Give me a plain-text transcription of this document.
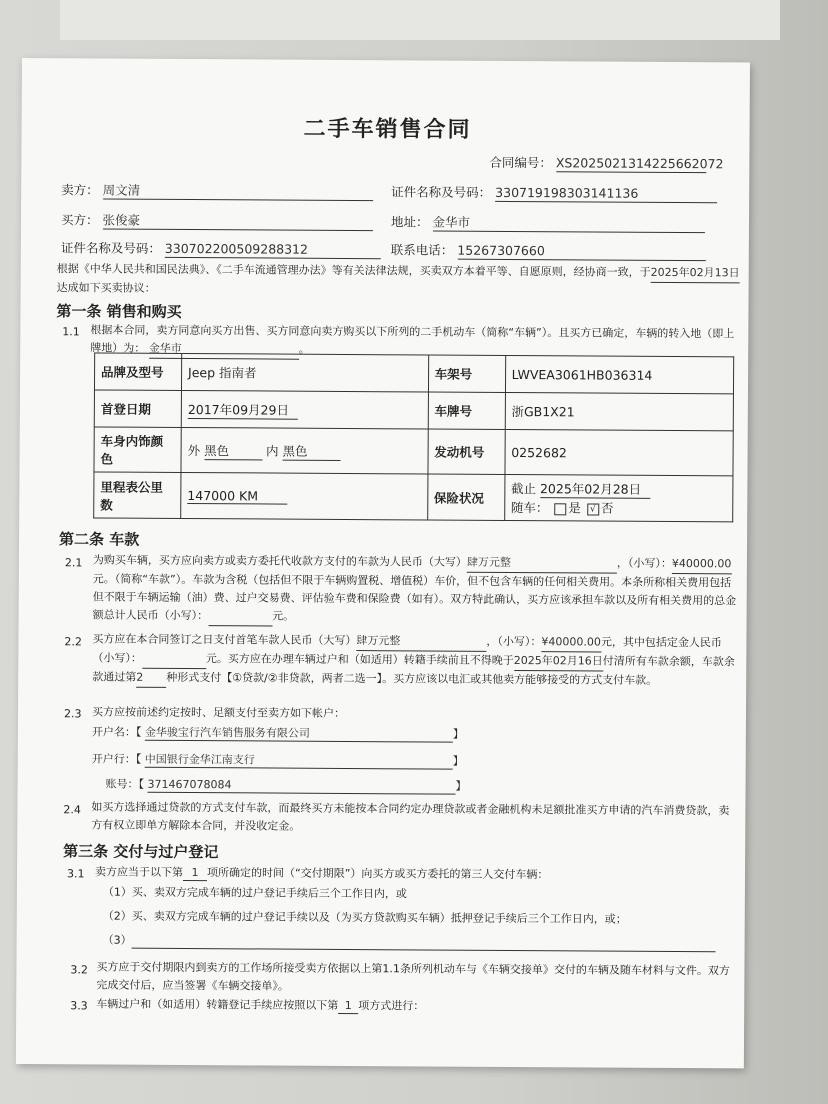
二手车销售合同
合同编号： XS2025021314225662072
卖方： 周文清	证件名称及号码： 330719198303141136
买方： 张俊豪	地址： 金华市
证件名称及号码： 330702200509288312	联系电话： 15267307660
根据《中华人民共和国民法典》、《二手车流通管理办法》等有关法律法规，买卖双方本着平等、自愿原则，经协商一致，于2025年02月13日达成如下买卖协议：
第一条 销售和购买
1.1 根据本合同，卖方同意向买方出售、买方同意向卖方购买以下所列的二手机动车（简称“车辆”）。且买方已确定，车辆的转入地（即上牌地）为： 金华市	。
品牌及型号	Jeep 指南者	车架号	LWVEA3061HB036314
首登日期	2017年09月29日	车牌号	浙GB1X21
车身内饰颜色	外 黑色 内 黑色	发动机号	0252682
里程表公里数	147000 KM	保险状况	截止 2025年02月28日
随车： 是 √ 否
第二条 车款
2.1 为购买车辆，买方应向卖方或卖方委托代收款方支付的车款为人民币（大写）肆万元整	，（小写）：¥40000.00元。（简称“车款”）。车款为含税（包括但不限于车辆购置税、增值税）车价，但不包含车辆的任何相关费用。本条所称相关费用包括但不限于车辆运输（油）费、过户交易费、评估验车费和保险费（如有）。双方特此确认，买方应该承担车款以及所有相关费用的总金额总计人民币（小写）：	元。
2.2 买方应在本合同签订之日支付首笔车款人民币（大写）肆万元整	，（小写）：¥40000.00元，其中包括定金人民币（小写）：	元。买方应在办理车辆过户和（如适用）转籍手续前且不得晚于2025年02月16日付清所有车款余额，车款余款通过第2 种形式支付【①贷款/②非贷款，两者二选一】。买方应该以电汇或其他卖方能够接受的方式支付车款。
2.3 买方应按前述约定按时、足额支付至卖方如下帐户：
开户名：【 金华骏宝行汽车销售服务有限公司	】
开户行：【 中国银行金华江南支行	】
账号：【 371467078084	】
2.4 如买方选择通过贷款的方式支付车款，而最终买方未能按本合同约定办理贷款或者金融机构未足额批准买方申请的汽车消费贷款，卖方有权立即单方解除本合同，并没收定金。
第三条 交付与过户登记
3.1 卖方应当于以下第 1 项所确定的时间（“交付期限”）向买方或买方委托的第三人交付车辆：
（1）买、卖双方完成车辆的过户登记手续后三个工作日内，或
（2）买、卖双方完成车辆的过户登记手续以及（为买方贷款购买车辆）抵押登记手续后三个工作日内，或；
（3）
3.2 买方应于交付期限内到卖方的工作场所接受卖方依据以上第1.1条所列机动车与《车辆交接单》交付的车辆及随车材料与文件。双方完成交付后，应当签署《车辆交接单》。
3.3 车辆过户和（如适用）转籍登记手续应按照以下第 1 项方式进行：
